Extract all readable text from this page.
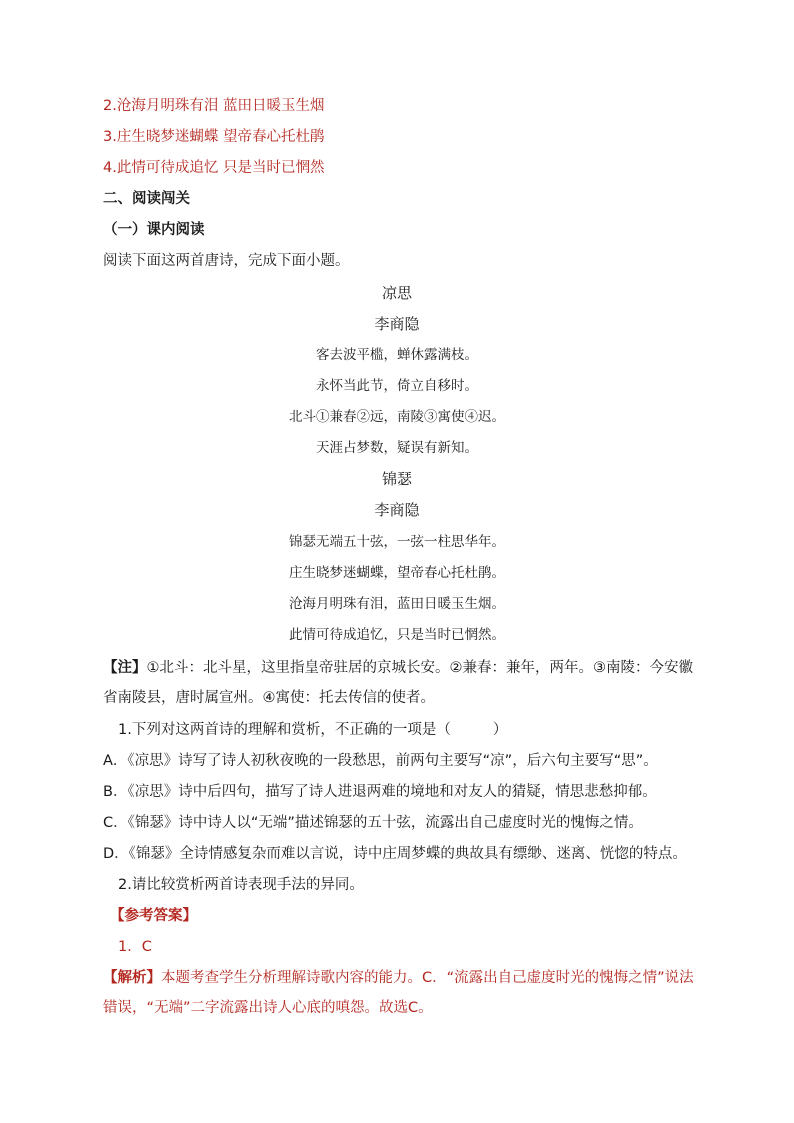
2.沧海月明珠有泪 蓝田日暖玉生烟
3.庄生晓梦迷蝴蝶 望帝春心托杜鹃
4.此情可待成追忆 只是当时已惘然
二、阅读闯关
（一）课内阅读
阅读下面这两首唐诗，完成下面小题。
凉思
李商隐
客去波平槛，蝉休露满枝。
永怀当此节，倚立自移时。
北斗①兼春②远，南陵③寓使④迟。
天涯占梦数，疑误有新知。
锦瑟
李商隐
锦瑟无端五十弦，一弦一柱思华年。
庄生晓梦迷蝴蝶，望帝春心托杜鹃。
沧海月明珠有泪，蓝田日暖玉生烟。
此情可待成追忆，只是当时已惘然。
【注】①北斗：北斗星，这里指皇帝驻居的京城长安。②兼春：兼年，两年。③南陵：今安徽省南陵县，唐时属宣州。④寓使：托去传信的使者。
1.下列对这两首诗的理解和赏析，不正确的一项是（	）
A．《凉思》诗写了诗人初秋夜晚的一段愁思，前两句主要写“凉”，后六句主要写“思”。
B．《凉思》诗中后四句，描写了诗人进退两难的境地和对友人的猜疑，情思悲愁抑郁。
C．《锦瑟》诗中诗人以“无端”描述锦瑟的五十弦，流露出自己虚度时光的愧悔之情。
D．《锦瑟》全诗情感复杂而难以言说，诗中庄周梦蝶的典故具有缥缈、迷离、恍惚的特点。
2.请比较赏析两首诗表现手法的异同。
【参考答案】
1．C
【解析】本题考查学生分析理解诗歌内容的能力。C．“流露出自己虚度时光的愧悔之情”说法错误，“无端”二字流露出诗人心底的嗔怨。故选C。
